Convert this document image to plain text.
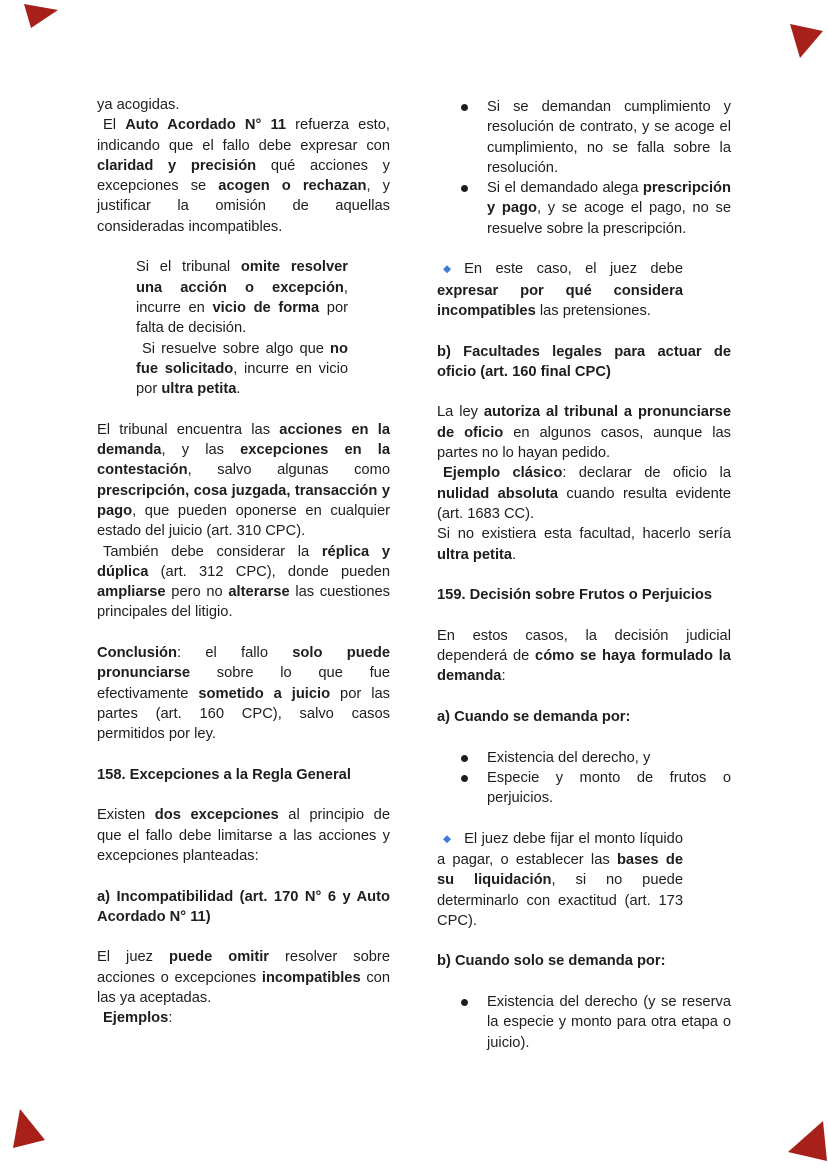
ya acogidas.

El Auto Acordado N° 11 refuerza esto, indicando que el fallo debe expresar con claridad y precisión qué acciones y excepciones se acogen o rechazan, y justificar la omisión de aquellas consideradas incompatibles.

Si el tribunal omite resolver una acción o excepción, incurre en vicio de forma por falta de decisión.

Si resuelve sobre algo que no fue solicitado, incurre en vicio por ultra petita.

El tribunal encuentra las acciones en la demanda, y las excepciones en la contestación, salvo algunas como prescripción, cosa juzgada, transacción y pago, que pueden oponerse en cualquier estado del juicio (art. 310 CPC).

También debe considerar la réplica y dúplica (art. 312 CPC), donde pueden ampliarse pero no alterarse las cuestiones principales del litigio.

Conclusión: el fallo solo puede pronunciarse sobre lo que fue efectivamente sometido a juicio por las partes (art. 160 CPC), salvo casos permitidos por ley.

158. Excepciones a la Regla General

Existen dos excepciones al principio de que el fallo debe limitarse a las acciones y excepciones planteadas:

a) Incompatibilidad (art. 170 N° 6 y Auto Acordado N° 11)

El juez puede omitir resolver sobre acciones o excepciones incompatibles con las ya aceptadas.

Ejemplos:

Si se demandan cumplimiento y resolución de contrato, y se acoge el cumplimiento, no se falla sobre la resolución.

Si el demandado alega prescripción y pago, y se acoge el pago, no se resuelve sobre la prescripción.

◆ En este caso, el juez debe expresar por qué considera incompatibles las pretensiones.

b) Facultades legales para actuar de oficio (art. 160 final CPC)

La ley autoriza al tribunal a pronunciarse de oficio en algunos casos, aunque las partes no lo hayan pedido.

Ejemplo clásico: declarar de oficio la nulidad absoluta cuando resulta evidente (art. 1683 CC).

Si no existiera esta facultad, hacerlo sería ultra petita.

159. Decisión sobre Frutos o Perjuicios

En estos casos, la decisión judicial dependerá de cómo se haya formulado la demanda:

a) Cuando se demanda por:

Existencia del derecho, y

Especie y monto de frutos o perjuicios.

◆ El juez debe fijar el monto líquido a pagar, o establecer las bases de su liquidación, si no puede determinarlo con exactitud (art. 173 CPC).

b) Cuando solo se demanda por:

Existencia del derecho (y se reserva la especie y monto para otra etapa o juicio).
